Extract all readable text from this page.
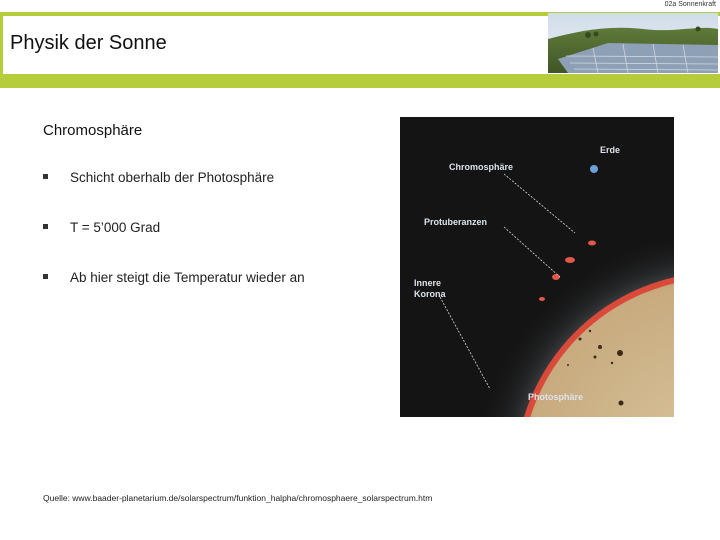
02a Sonnenkraft
Physik der Sonne
Chromosphäre
Schicht oberhalb der Photosphäre
T = 5’000 Grad
Ab hier steigt die Temperatur wieder an
Erde
Chromosphäre
Protuberanzen
Innere
Korona
Photosphäre
Quelle: www.baader-planetarium.de/solarspectrum/funktion_halpha/chromosphaere_solarspectrum.htm
